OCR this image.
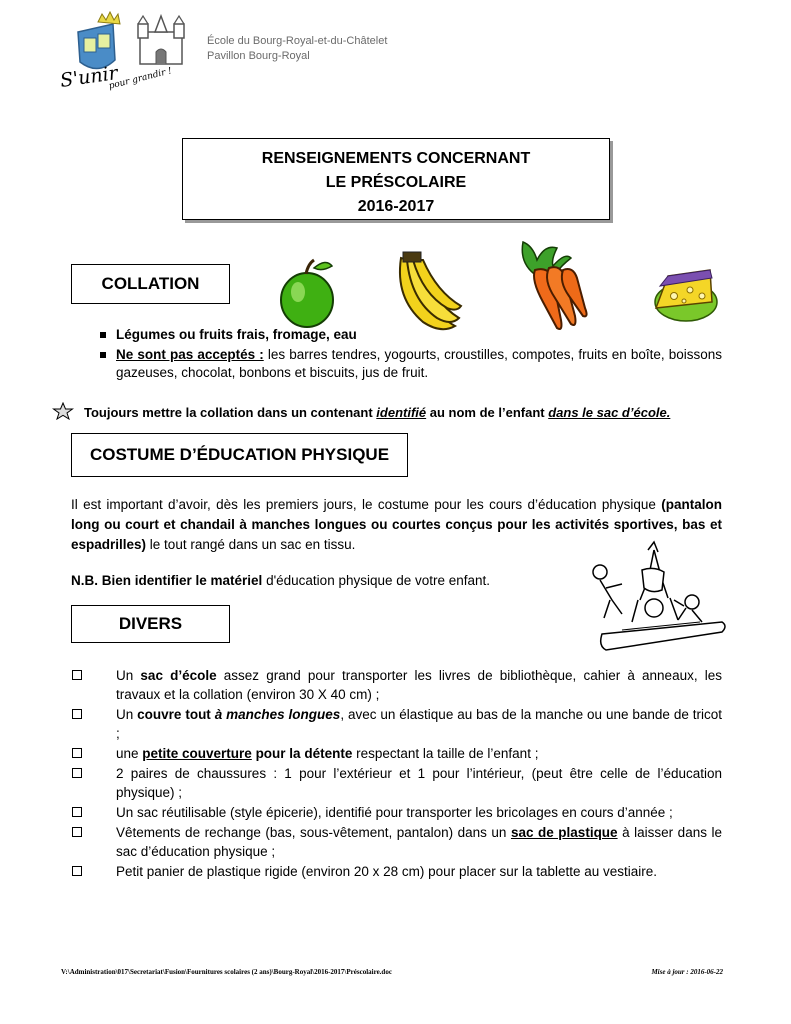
S'unir
pour grandir !
École du Bourg-Royal-et-du-Châtelet
Pavillon Bourg-Royal
RENSEIGNEMENTS CONCERNANT
LE PRÉSCOLAIRE
2016-2017
COLLATION
Légumes ou fruits frais, fromage, eau
Ne sont pas acceptés : les barres tendres, yogourts, croustilles, compotes, fruits en boîte, boissons gazeuses, chocolat, bonbons et biscuits, jus de fruit.
Toujours mettre la collation dans un contenant identifié au nom de l’enfant dans le sac d’école.
COSTUME D’ÉDUCATION PHYSIQUE
Il est important d’avoir, dès les premiers jours, le costume pour les cours d’éducation physique (pantalon long ou court et chandail à manches longues ou courtes conçus pour les activités sportives, bas et espadrilles) le tout rangé dans un sac en tissu.
N.B. Bien identifier le matériel d'éducation physique de votre enfant.
DIVERS
Un sac d’école assez grand pour transporter les livres de bibliothèque, cahier à anneaux, les travaux et la collation (environ 30 X 40 cm) ;
Un couvre tout à manches longues, avec un élastique au bas de la manche ou une bande de tricot ;
une petite couverture pour la détente respectant la taille de l’enfant ;
2 paires de chaussures : 1 pour l’extérieur et 1 pour l’intérieur, (peut être celle de l’éducation physique) ;
Un sac réutilisable (style épicerie), identifié pour transporter les bricolages en cours d’année ;
Vêtements de rechange (bas, sous-vêtement, pantalon) dans un sac de plastique à laisser dans le sac d’éducation physique ;
Petit panier de plastique rigide (environ 20 x 28 cm) pour placer sur la tablette au vestiaire.
V:\Administration\017\Secretariat\Fusion\Fournitures scolaires (2 ans)\Bourg-Royal\2016-2017\Préscolaire.doc	Mise à jour : 2016-06-22
